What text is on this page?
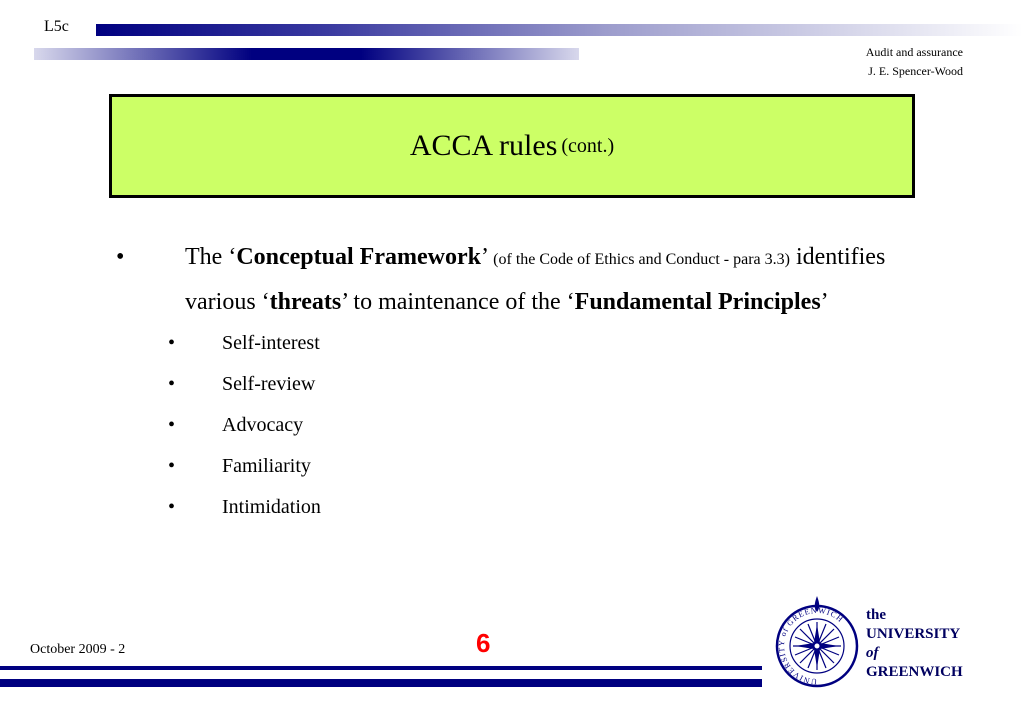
L5c
Audit and assurance
J. E. Spencer-Wood
ACCA rules
(cont.)
•	The ‘Conceptual Framework’ (of the Code of Ethics and Conduct - para 3.3) identifies various ‘threats’ to maintenance of the ‘Fundamental Principles’
• Self-interest
• Self-review
• Advocacy
• Familiarity
• Intimidation
October 2009 - 2	6
UNIVERSITY of GREENWICH the
UNIVERSITY
of
GREENWICH
